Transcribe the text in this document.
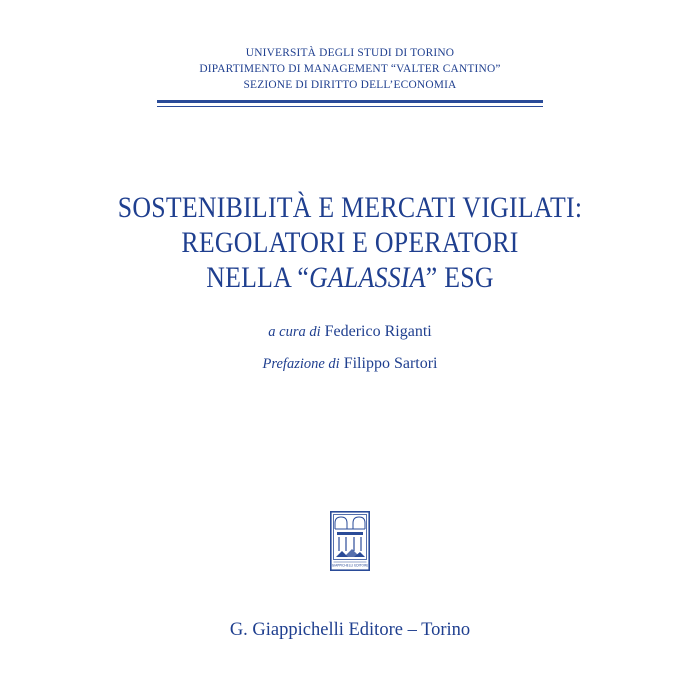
UNIVERSITÀ DEGLI STUDI DI TORINO
DIPARTIMENTO DI MANAGEMENT “VALTER CANTINO”
SEZIONE DI DIRITTO DELL’ECONOMIA
SOSTENIBILITÀ E MERCATI VIGILATI:
REGOLATORI E OPERATORI
NELLA “GALASSIA” ESG
a cura di Federico Riganti
Prefazione di Filippo Sartori
GIAPPICHELLI EDITORE
G. Giappichelli Editore – Torino
